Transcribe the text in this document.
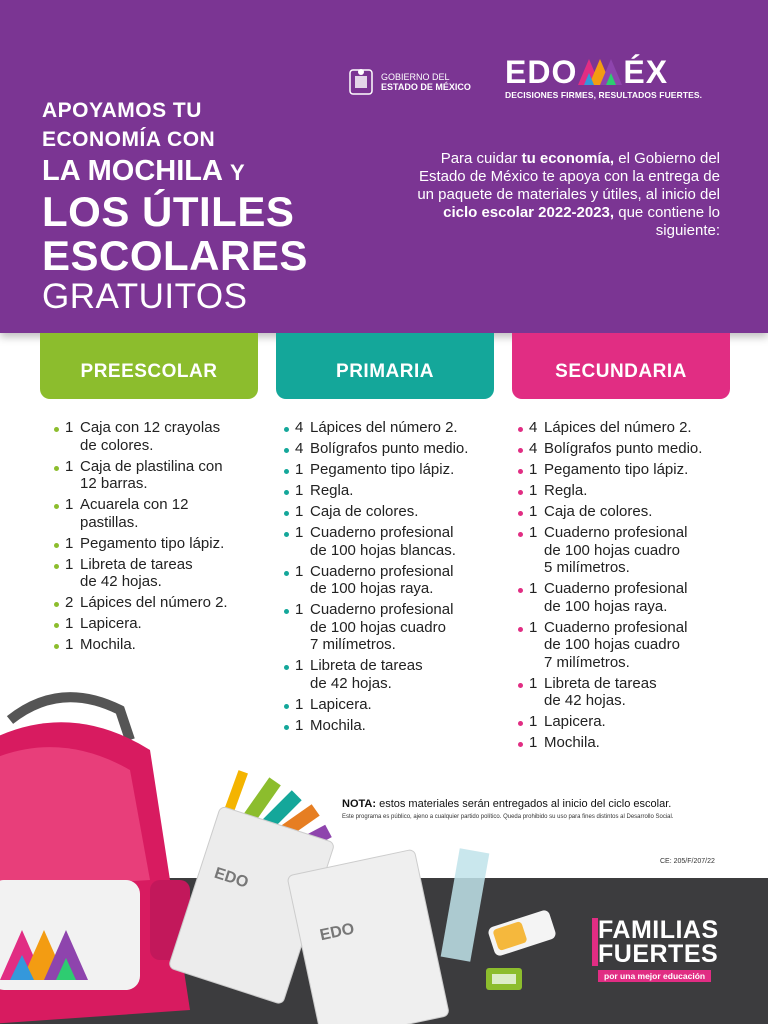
GOBIERNO DEL
ESTADO DE MÉXICO EDO ÉX
DECISIONES FIRMES, RESULTADOS FUERTES.
APOYAMOS TU
ECONOMÍA CON
LA MOCHILA Y
LOS ÚTILES
ESCOLARES
GRATUITOS
Para cuidar tu economía, el Gobierno del Estado de México te apoya con la entrega de un paquete de materiales y útiles, al inicio del ciclo escolar 2022-2023, que contiene lo siguiente:
PREESCOLAR	PRIMARIA	SECUNDARIA
1 Caja con 12 crayolas
de colores.
1 Caja de plastilina con
12 barras.
1 Acuarela con 12
pastillas.
1 Pegamento tipo lápiz.
1 Libreta de tareas
de 42 hojas.
2 Lápices del número 2.
1 Lapicera.
1 Mochila.
4 Lápices del número 2.
4 Bolígrafos punto medio.
1 Pegamento tipo lápiz.
1 Regla.
1 Caja de colores.
1 Cuaderno profesional
de 100 hojas blancas.
1 Cuaderno profesional
de 100 hojas raya.
1 Cuaderno profesional
de 100 hojas cuadro
7 milímetros.
1 Libreta de tareas
de 42 hojas.
1 Lapicera.
1 Mochila.
4 Lápices del número 2.
4 Bolígrafos punto medio.
1 Pegamento tipo lápiz.
1 Regla.
1 Caja de colores.
1 Cuaderno profesional
de 100 hojas cuadro
5 milímetros.
1 Cuaderno profesional
de 100 hojas raya.
1 Cuaderno profesional
de 100 hojas cuadro
7 milímetros.
1 Libreta de tareas
de 42 hojas.
1 Lapicera.
1 Mochila.
EDO
EDO
NOTA: estos materiales serán entregados al inicio del ciclo escolar.
Este programa es público, ajeno a cualquier partido político. Queda prohibido su uso para fines distintos al Desarrollo Social.
CE: 205/F/207/22
FAMILIAS
FUERTES
por una mejor educación
